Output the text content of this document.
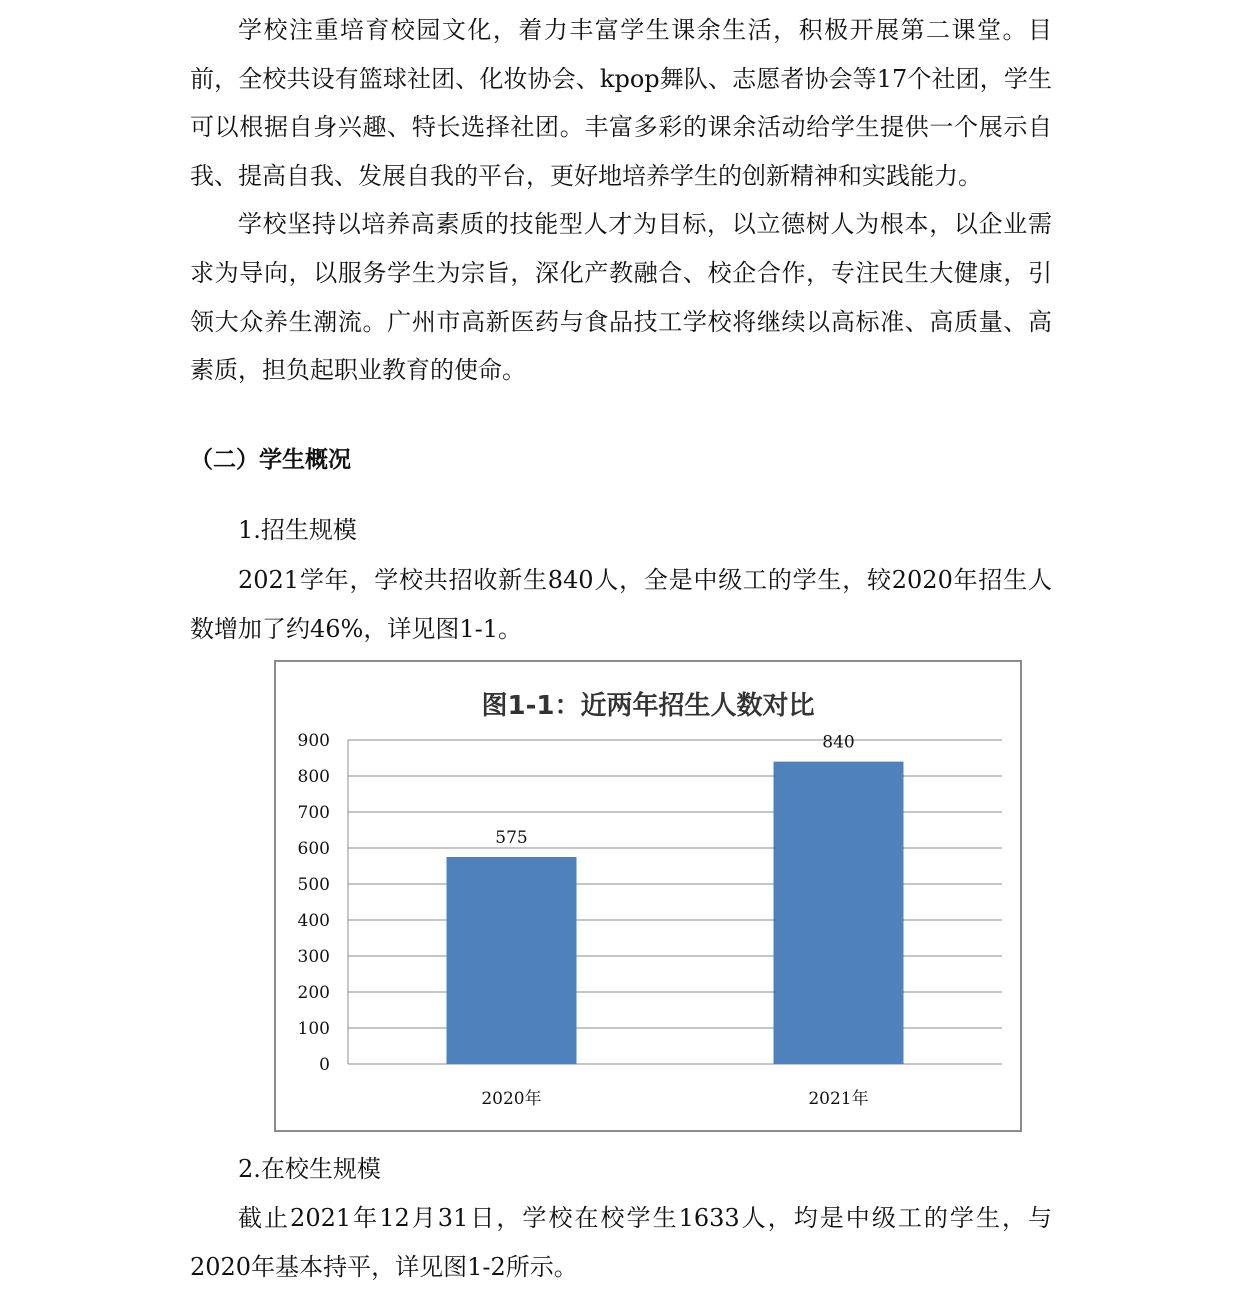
学校注重培育校园文化，着力丰富学生课余生活，积极开展第二课堂。目前，全校共设有篮球社团、化妆协会、kpop舞队、志愿者协会等17个社团，学生可以根据自身兴趣、特长选择社团。丰富多彩的课余活动给学生提供一个展示自我、提高自我、发展自我的平台，更好地培养学生的创新精神和实践能力。

学校坚持以培养高素质的技能型人才为目标，以立德树人为根本，以企业需求为导向，以服务学生为宗旨，深化产教融合、校企合作，专注民生大健康，引领大众养生潮流。广州市高新医药与食品技工学校将继续以高标准、高质量、高素质，担负起职业教育的使命。

（二）学生概况
1.招生规模

2021学年，学校共招收新生840人，全是中级工的学生，较2020年招生人数增加了约46%，详见图1-1。

图1-1：近两年招生人数对比
0
100
200
300
400
500
600
700
800
900
2020年	2021年
575
840
2.在校生规模

截止2021年12月31日，学校在校学生1633人，均是中级工的学生，与2020年基本持平，详见图1-2所示。
